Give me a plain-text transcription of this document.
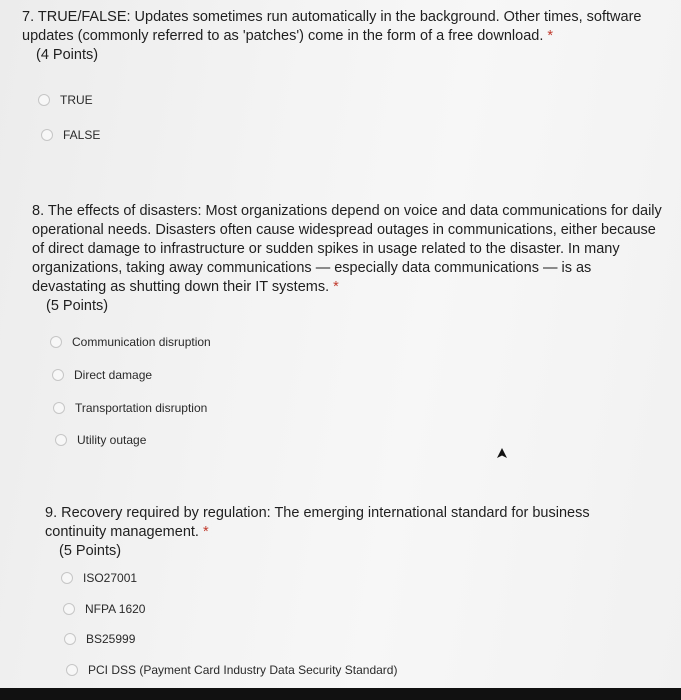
7. TRUE/FALSE: Updates sometimes run automatically in the background. Other times, software updates (commonly referred to as 'patches') come in the form of a free download. *
(4 Points)
TRUE
FALSE
8. The effects of disasters: Most organizations depend on voice and data communications for daily operational needs. Disasters often cause widespread outages in communications, either because of direct damage to infrastructure or sudden spikes in usage related to the disaster. In many organizations, taking away communications — especially data communications — is as devastating as shutting down their IT systems. *
(5 Points)
Communication disruption
Direct damage
Transportation disruption
Utility outage
9. Recovery required by regulation: The emerging international standard for business continuity management. *
(5 Points)
ISO27001
NFPA 1620
BS25999
PCI DSS (Payment Card Industry Data Security Standard)
